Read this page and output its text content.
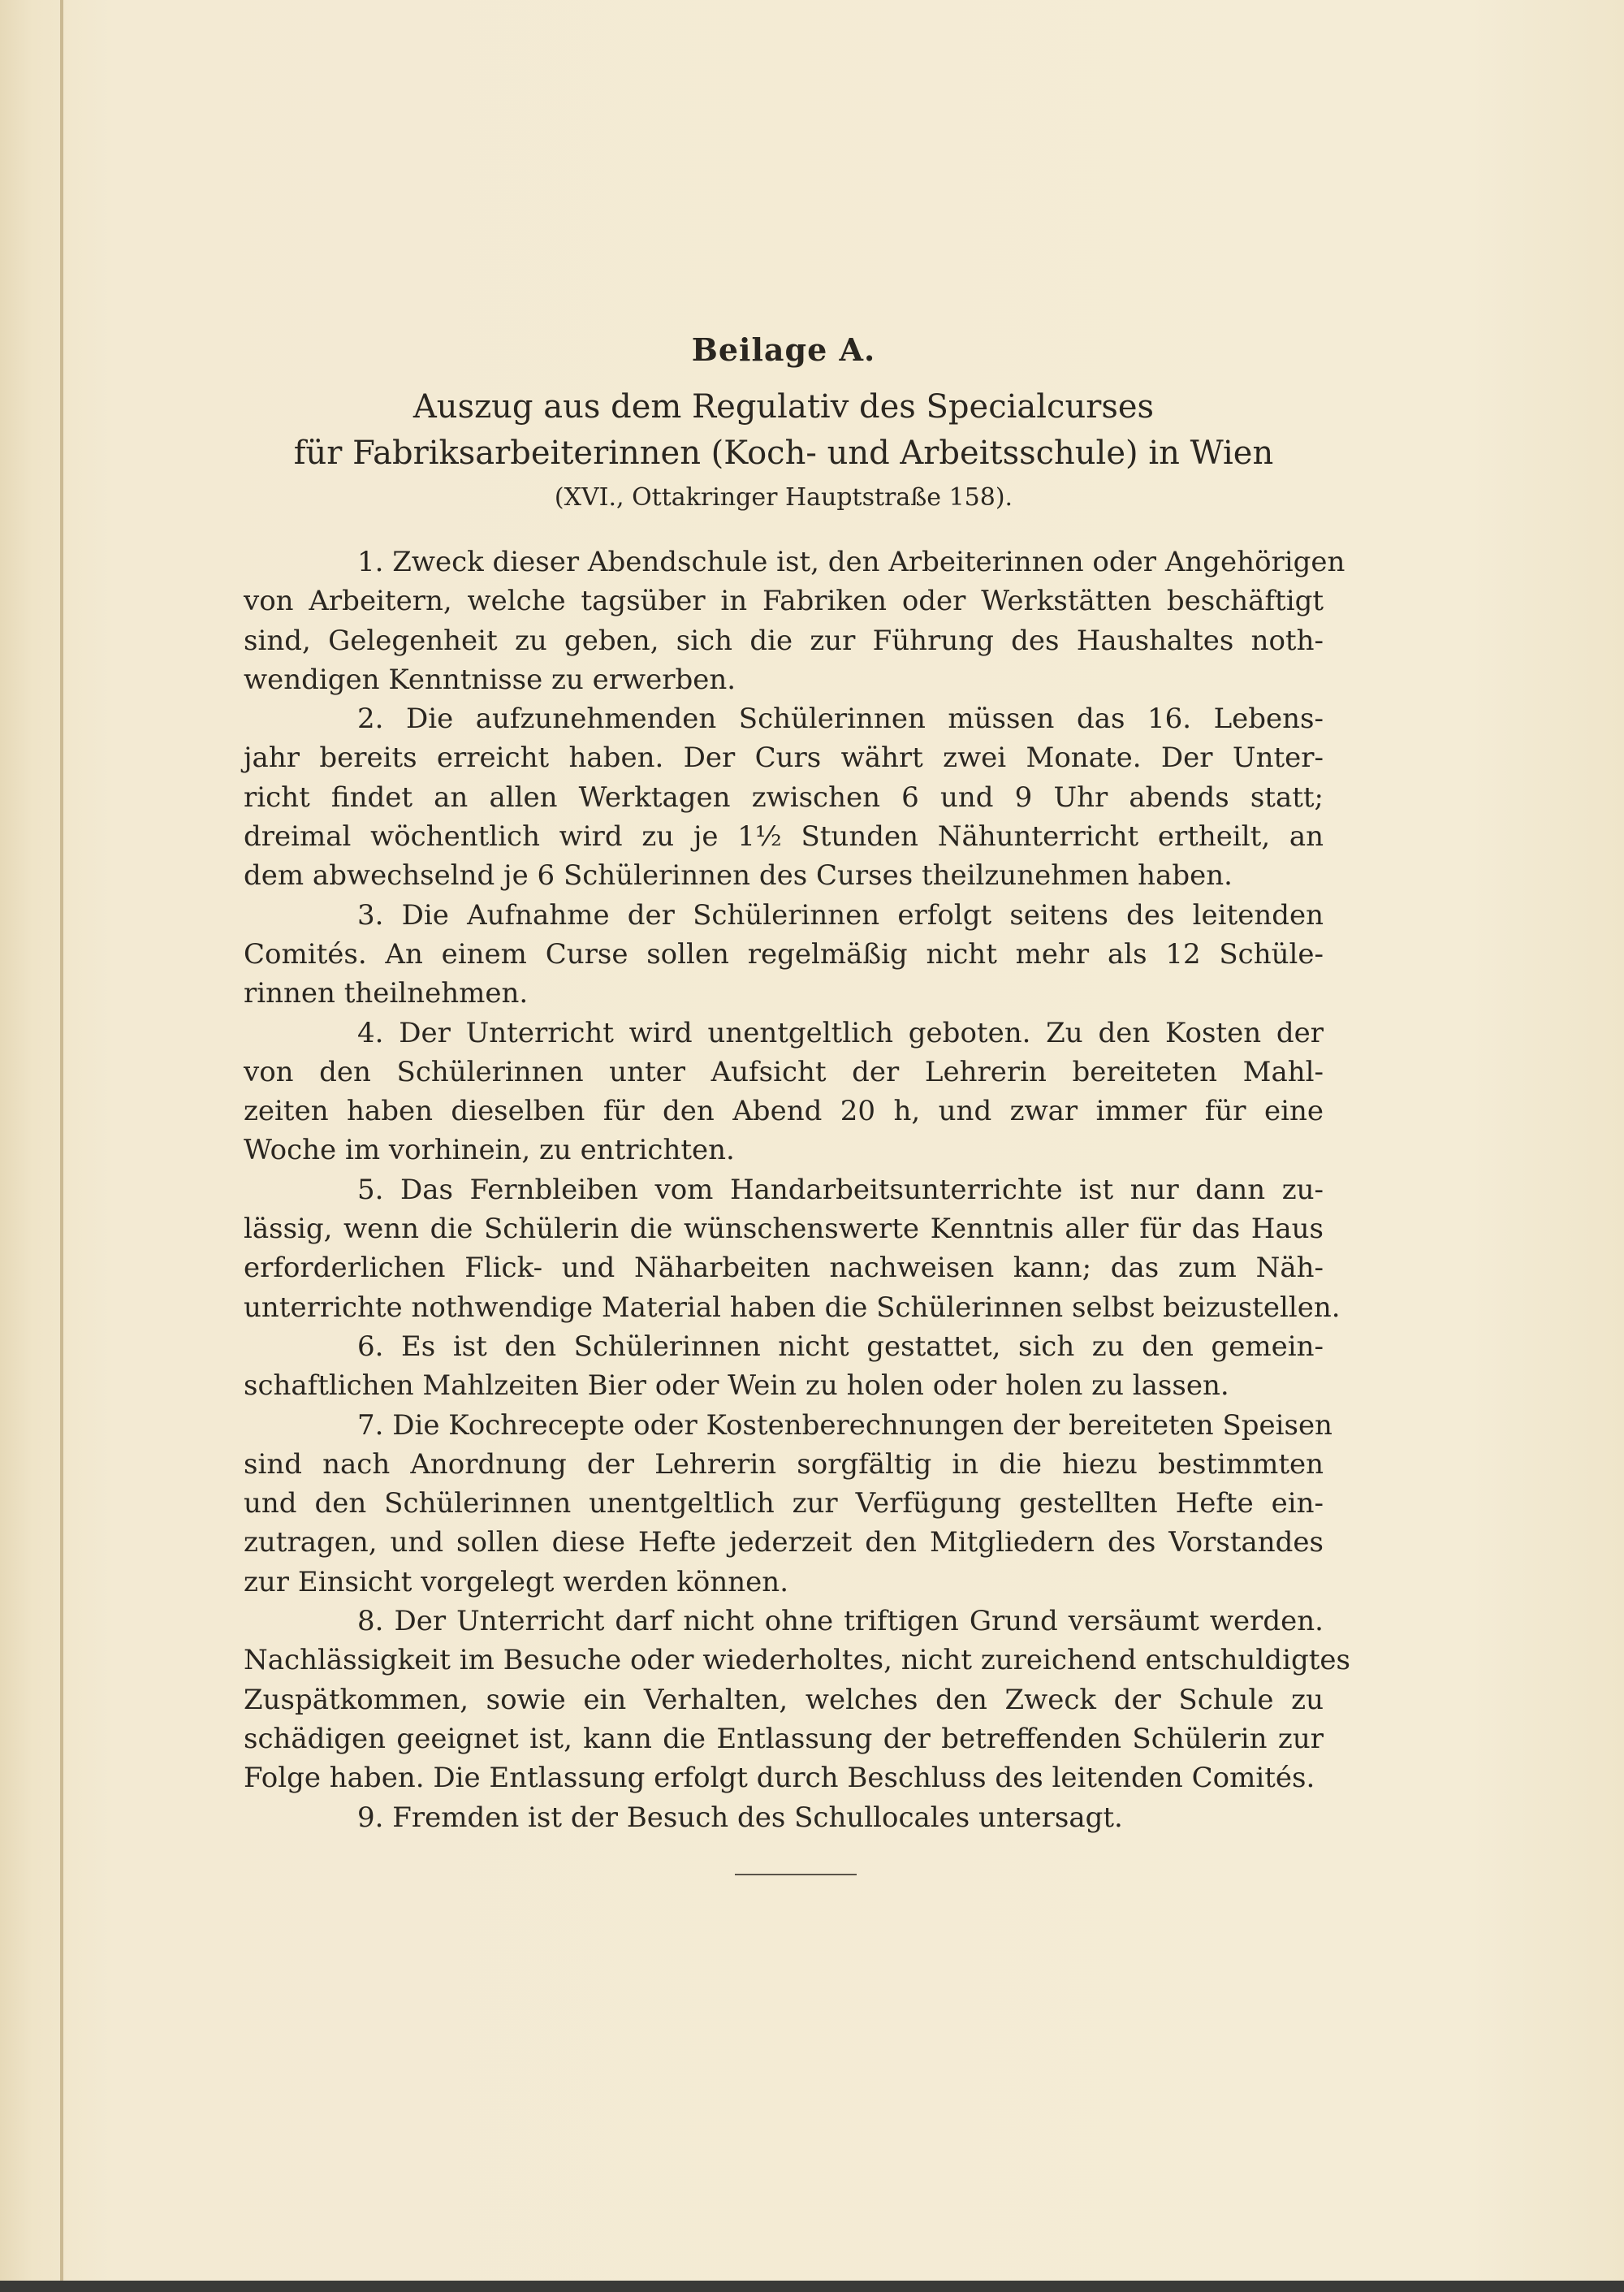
Beilage A.
Auszug aus dem Regulativ des Specialcurses
für Fabriksarbeiterinnen (Koch- und Arbeitsschule) in Wien
(XVI., Ottakringer Hauptstraße 158).
1. Zweck dieser Abendschule ist, den Arbeiterinnen oder Angehörigen
von Arbeitern, welche tagsüber in Fabriken oder Werkstätten beschäftigt
sind, Gelegenheit zu geben, sich die zur Führung des Haushaltes noth-
wendigen Kenntnisse zu erwerben.
2. Die aufzunehmenden Schülerinnen müssen das 16. Lebens-
jahr bereits erreicht haben. Der Curs währt zwei Monate. Der Unter-
richt findet an allen Werktagen zwischen 6 und 9 Uhr abends statt;
dreimal wöchentlich wird zu je 1½ Stunden Nähunterricht ertheilt, an
dem abwechselnd je 6 Schülerinnen des Curses theilzunehmen haben.
3. Die Aufnahme der Schülerinnen erfolgt seitens des leitenden
Comités. An einem Curse sollen regelmäßig nicht mehr als 12 Schüle-
rinnen theilnehmen.
4. Der Unterricht wird unentgeltlich geboten. Zu den Kosten der
von den Schülerinnen unter Aufsicht der Lehrerin bereiteten Mahl-
zeiten haben dieselben für den Abend 20 h, und zwar immer für eine
Woche im vorhinein, zu entrichten.
5. Das Fernbleiben vom Handarbeitsunterrichte ist nur dann zu-
lässig, wenn die Schülerin die wünschenswerte Kenntnis aller für das Haus
erforderlichen Flick- und Näharbeiten nachweisen kann; das zum Näh-
unterrichte nothwendige Material haben die Schülerinnen selbst beizustellen.
6. Es ist den Schülerinnen nicht gestattet, sich zu den gemein-
schaftlichen Mahlzeiten Bier oder Wein zu holen oder holen zu lassen.
7. Die Kochrecepte oder Kostenberechnungen der bereiteten Speisen
sind nach Anordnung der Lehrerin sorgfältig in die hiezu bestimmten
und den Schülerinnen unentgeltlich zur Verfügung gestellten Hefte ein-
zutragen, und sollen diese Hefte jederzeit den Mitgliedern des Vorstandes
zur Einsicht vorgelegt werden können.
8. Der Unterricht darf nicht ohne triftigen Grund versäumt werden.
Nachlässigkeit im Besuche oder wiederholtes, nicht zureichend entschuldigtes
Zuspätkommen, sowie ein Verhalten, welches den Zweck der Schule zu
schädigen geeignet ist, kann die Entlassung der betreffenden Schülerin zur
Folge haben. Die Entlassung erfolgt durch Beschluss des leitenden Comités.
9. Fremden ist der Besuch des Schullocales untersagt.
